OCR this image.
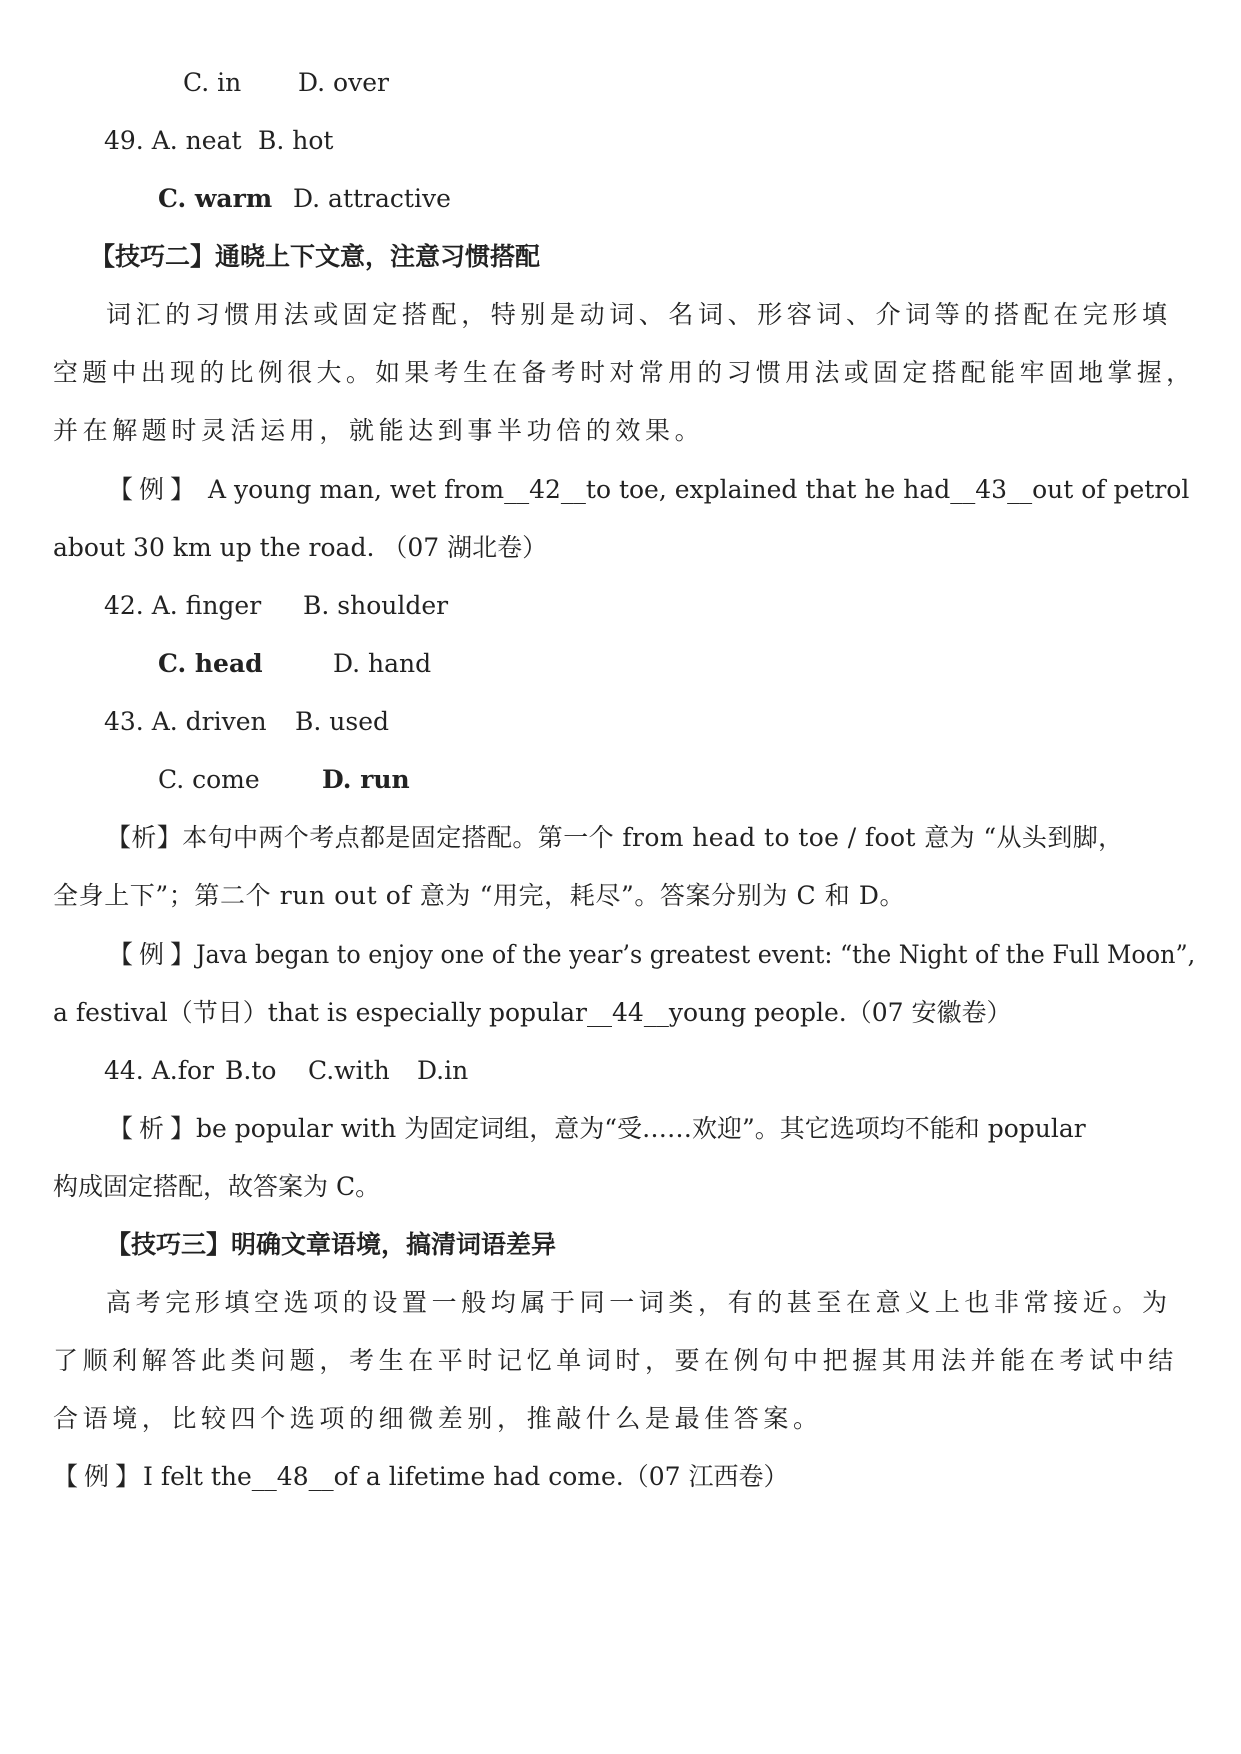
C. in D. over
49. A. neat B. hot
C. warm D. attractive
【技巧二】通晓上下文意，注意习惯搭配
词汇的习惯用法或固定搭配，特别是动词、名词、形容词、介词等的搭配在完形填
空题中出现的比例很大。如果考生在备考时对常用的习惯用法或固定搭配能牢固地掌握，
并在解题时灵活运用，就能达到事半功倍的效果。
【例】 A young man, wet from__42__to toe, explained that he had__43__out of petrol
about 30 km up the road. （07 湖北卷）
42. A. finger B. shoulder
C. head	D. hand
43. A. driven B. used
C. come D. run
【析】本句中两个考点都是固定搭配。第一个 from head to toe / foot 意为 “从头到脚，
全身上下”；第二个 run out of 意为 “用完，耗尽”。答案分别为 C 和 D。
【例】
Java began to enjoy one of the year’s greatest event: “the Night of the Full Moon”,
a festival（节日）that is especially popular__44__young people.（07 安徽卷）
44. A.for B.to C.with D.in
【析】
be popular with 为固定词组，意为“受……欢迎”。其它选项均不能和 popular
构成固定搭配，故答案为 C。
【技巧三】明确文章语境，搞清词语差异
高考完形填空选项的设置一般均属于同一词类，有的甚至在意义上也非常接近。为
了顺利解答此类问题，考生在平时记忆单词时，要在例句中把握其用法并能在考试中结
合语境，比较四个选项的细微差别，推敲什么是最佳答案。
【例】
I felt the__48__of a lifetime had come.（07 江西卷）
